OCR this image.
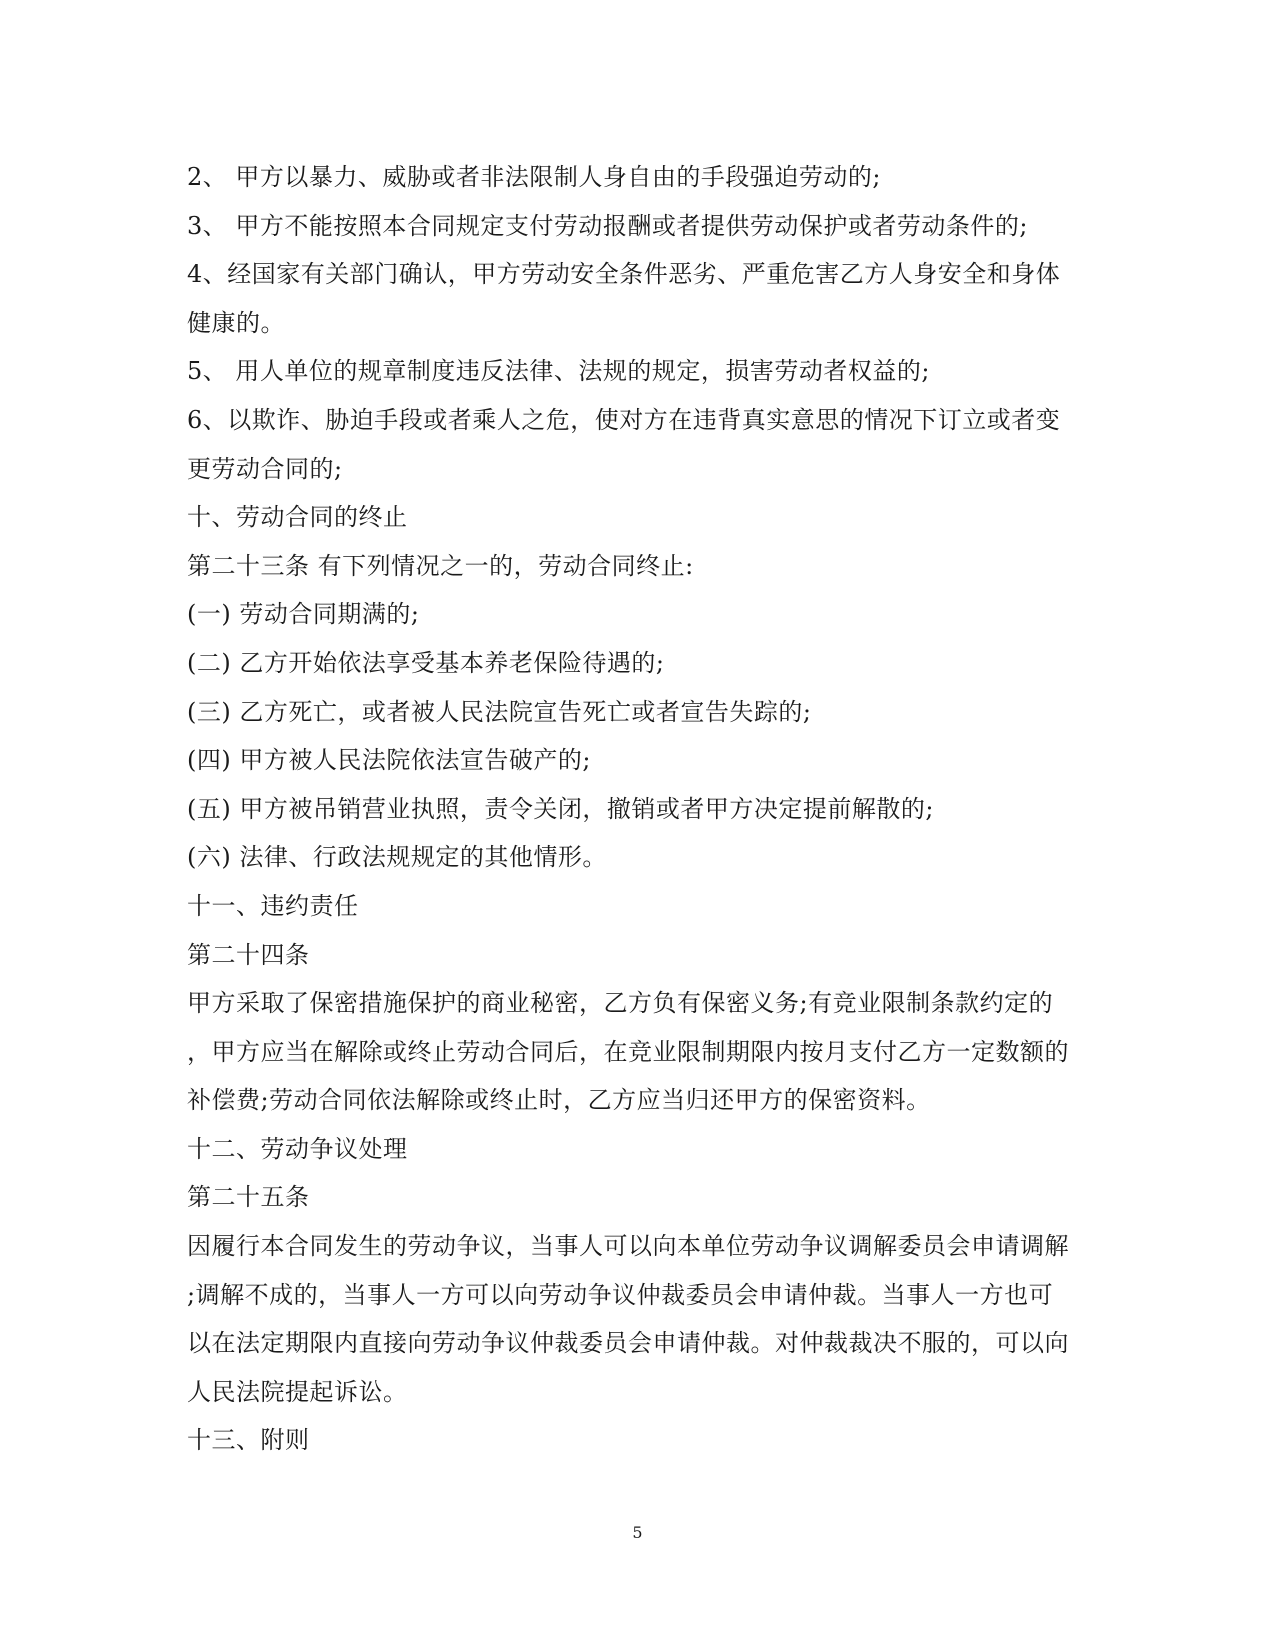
2、 甲方以暴力、威胁或者非法限制人身自由的手段强迫劳动的;
3、 甲方不能按照本合同规定支付劳动报酬或者提供劳动保护或者劳动条件的;
4、经国家有关部门确认，甲方劳动安全条件恶劣、严重危害乙方人身安全和身体
健康的。
5、 用人单位的规章制度违反法律、法规的规定，损害劳动者权益的;
6、以欺诈、胁迫手段或者乘人之危，使对方在违背真实意思的情况下订立或者变
更劳动合同的;
十、劳动合同的终止
第二十三条 有下列情况之一的，劳动合同终止:
(一) 劳动合同期满的;
(二) 乙方开始依法享受基本养老保险待遇的;
(三) 乙方死亡，或者被人民法院宣告死亡或者宣告失踪的;
(四) 甲方被人民法院依法宣告破产的;
(五) 甲方被吊销营业执照，责令关闭，撤销或者甲方决定提前解散的;
(六) 法律、行政法规规定的其他情形。
十一、违约责任
第二十四条
甲方采取了保密措施保护的商业秘密，乙方负有保密义务;有竞业限制条款约定的
，甲方应当在解除或终止劳动合同后，在竞业限制期限内按月支付乙方一定数额的
补偿费;劳动合同依法解除或终止时，乙方应当归还甲方的保密资料。
十二、劳动争议处理
第二十五条
因履行本合同发生的劳动争议，当事人可以向本单位劳动争议调解委员会申请调解
;调解不成的，当事人一方可以向劳动争议仲裁委员会申请仲裁。当事人一方也可
以在法定期限内直接向劳动争议仲裁委员会申请仲裁。对仲裁裁决不服的，可以向
人民法院提起诉讼。
十三、附则
5
